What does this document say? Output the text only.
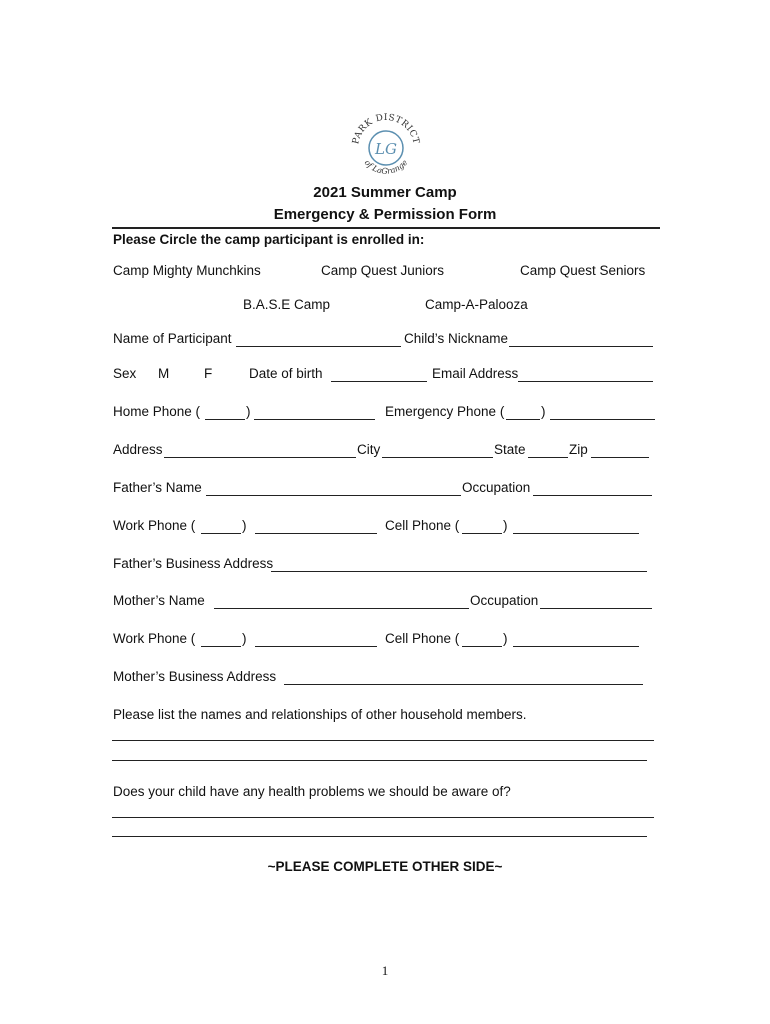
PARK DISTRICT
of LaGrange
LG
2021 Summer Camp
Emergency & Permission Form
Please Circle the camp participant is enrolled in:
Camp Mighty Munchkins	Camp Quest Juniors	Camp Quest Seniors
B.A.S.E Camp	Camp-A-Palooza
Name of Participant	Child’s Nickname
Sex M	F	Date of birth	Email Address
Home Phone (	)	Emergency Phone (	)
Address	City	State	Zip
Father’s Name	Occupation
Work Phone (	)	Cell Phone (	)
Father’s Business Address
Mother’s Name	Occupation
Work Phone (	)	Cell Phone (	)
Mother’s Business Address
Please list the names and relationships of other household members.
Does your child have any health problems we should be aware of?
~PLEASE COMPLETE OTHER SIDE~
1
